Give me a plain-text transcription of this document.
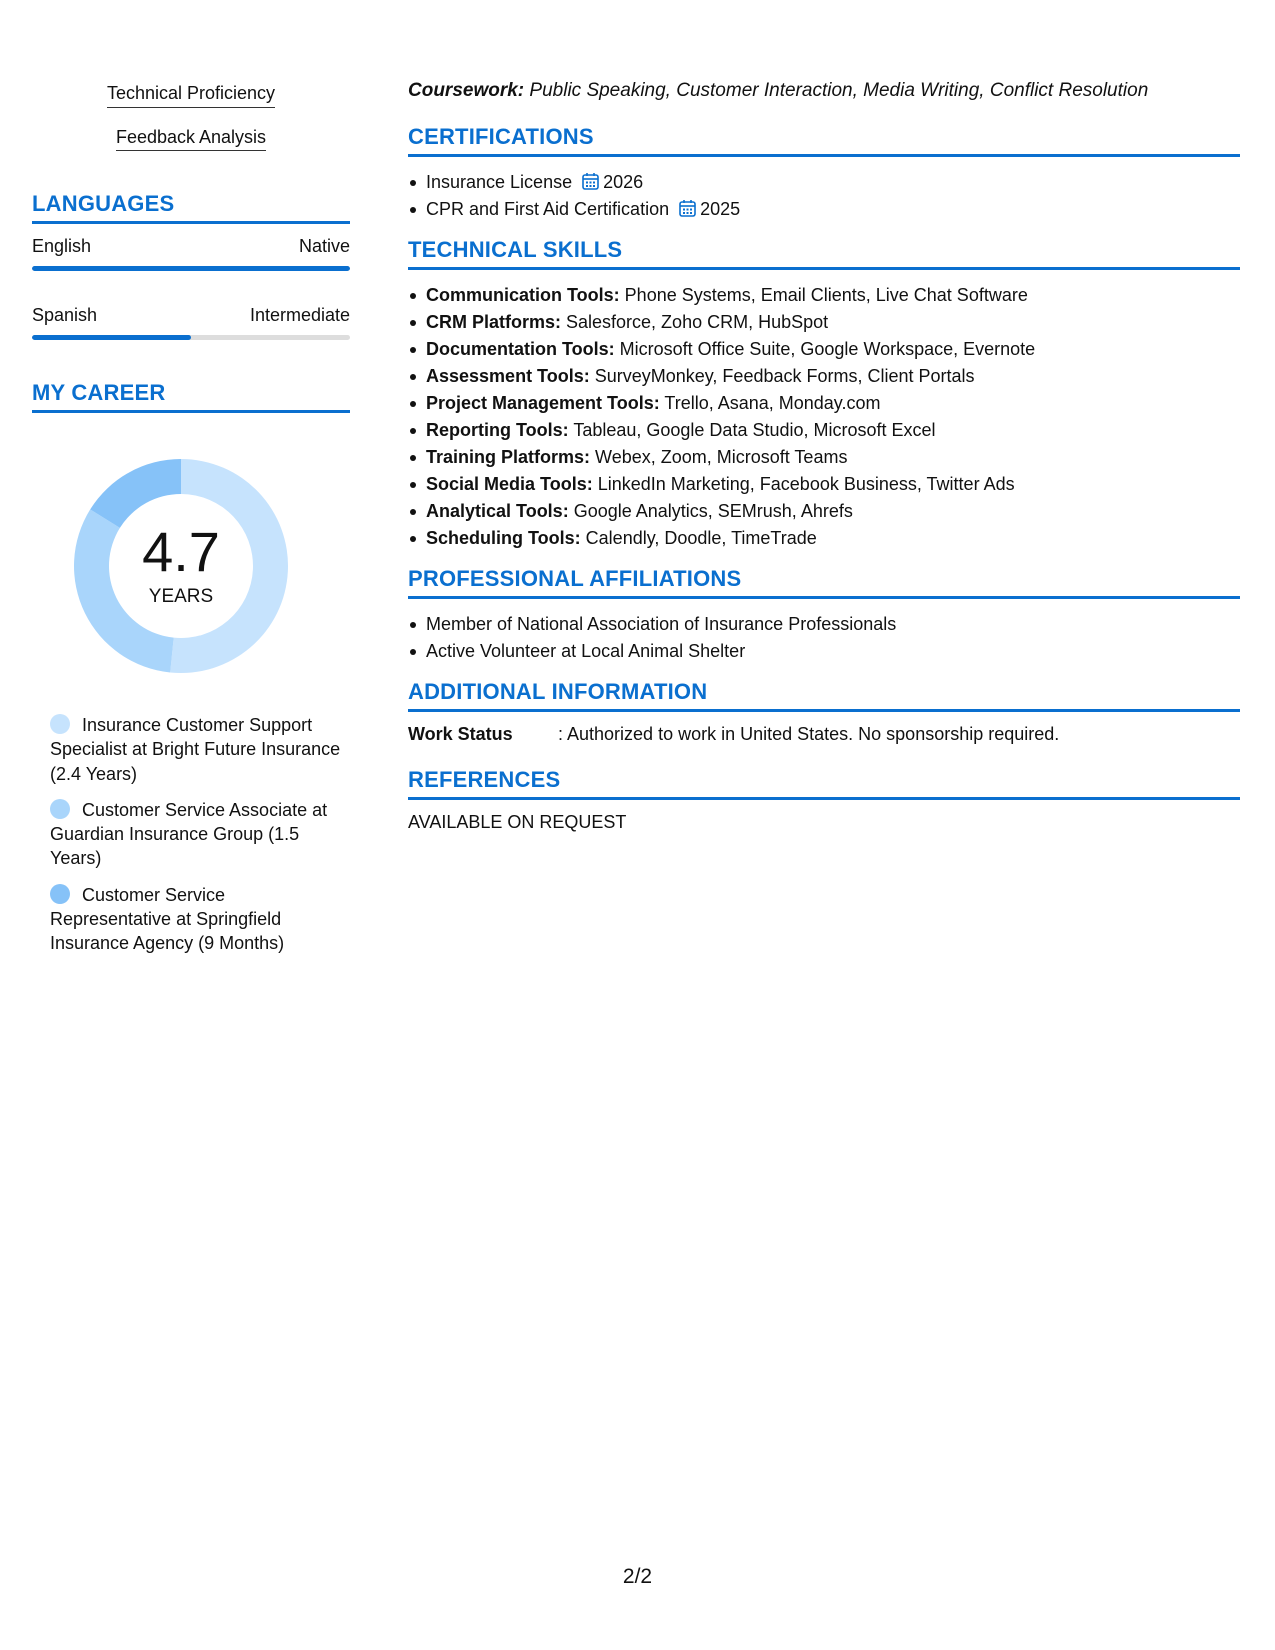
Technical Proficiency
Feedback Analysis
LANGUAGES
English	Native
Spanish	Intermediate
MY CAREER
4.7
YEARS
Insurance Customer Support Specialist at Bright Future Insurance (2.4 Years)
Customer Service Associate at Guardian Insurance Group (1.5 Years)
Customer Service Representative at Springfield Insurance Agency (9 Months)
Coursework: Public Speaking, Customer Interaction, Media Writing, Conflict Resolution
CERTIFICATIONS
Insurance License 2026
CPR and First Aid Certification 2025
TECHNICAL SKILLS
Communication Tools: Phone Systems, Email Clients, Live Chat Software
CRM Platforms: Salesforce, Zoho CRM, HubSpot
Documentation Tools: Microsoft Office Suite, Google Workspace, Evernote
Assessment Tools: SurveyMonkey, Feedback Forms, Client Portals
Project Management Tools: Trello, Asana, Monday.com
Reporting Tools: Tableau, Google Data Studio, Microsoft Excel
Training Platforms: Webex, Zoom, Microsoft Teams
Social Media Tools: LinkedIn Marketing, Facebook Business, Twitter Ads
Analytical Tools: Google Analytics, SEMrush, Ahrefs
Scheduling Tools: Calendly, Doodle, TimeTrade
PROFESSIONAL AFFILIATIONS
Member of National Association of Insurance Professionals
Active Volunteer at Local Animal Shelter
ADDITIONAL INFORMATION
Work Status	: Authorized to work in United States. No sponsorship required.
REFERENCES
AVAILABLE ON REQUEST
2/2
